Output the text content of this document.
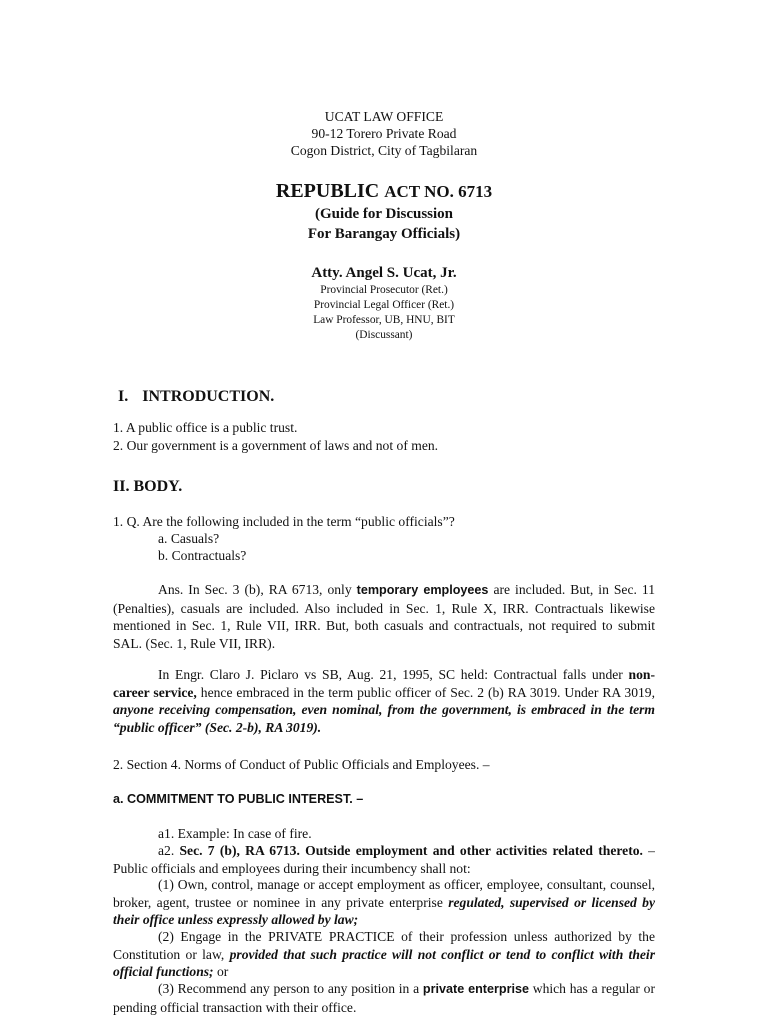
UCAT LAW OFFICE
90-12 Torero Private Road
Cogon District, City of Tagbilaran
REPUBLIC ACT NO. 6713
(Guide for Discussion
For Barangay Officials)
Atty. Angel S. Ucat, Jr.
Provincial Prosecutor (Ret.)
Provincial Legal Officer (Ret.)
Law Professor, UB, HNU, BIT
(Discussant)
I. INTRODUCTION.
1. A public office is a public trust.
2. Our government is a government of laws and not of men.
II. BODY.
1. Q. Are the following included in the term “public officials”?
a. Casuals?
b. Contractuals?
Ans. In Sec. 3 (b), RA 6713, only temporary employees are included. But, in Sec. 11 (Penalties), casuals are included. Also included in Sec. 1, Rule X, IRR. Contractuals likewise mentioned in Sec. 1, Rule VII, IRR. But, both casuals and contractuals, not required to submit SAL. (Sec. 1, Rule VII, IRR).
In Engr. Claro J. Piclaro vs SB, Aug. 21, 1995, SC held: Contractual falls under non-career service, hence embraced in the term public officer of Sec. 2 (b) RA 3019. Under RA 3019, anyone receiving compensation, even nominal, from the government, is embraced in the term “public officer” (Sec. 2-b), RA 3019).
2. Section 4. Norms of Conduct of Public Officials and Employees. –
a. COMMITMENT TO PUBLIC INTEREST. –
a1. Example: In case of fire.
a2. Sec. 7 (b), RA 6713. Outside employment and other activities related thereto. – Public officials and employees during their incumbency shall not:
(1) Own, control, manage or accept employment as officer, employee, consultant, counsel, broker, agent, trustee or nominee in any private enterprise regulated, supervised or licensed by their office unless expressly allowed by law;
(2) Engage in the PRIVATE PRACTICE of their profession unless authorized by the Constitution or law, provided that such practice will not conflict or tend to conflict with their official functions; or
(3) Recommend any person to any position in a private enterprise which has a regular or pending official transaction with their office.
